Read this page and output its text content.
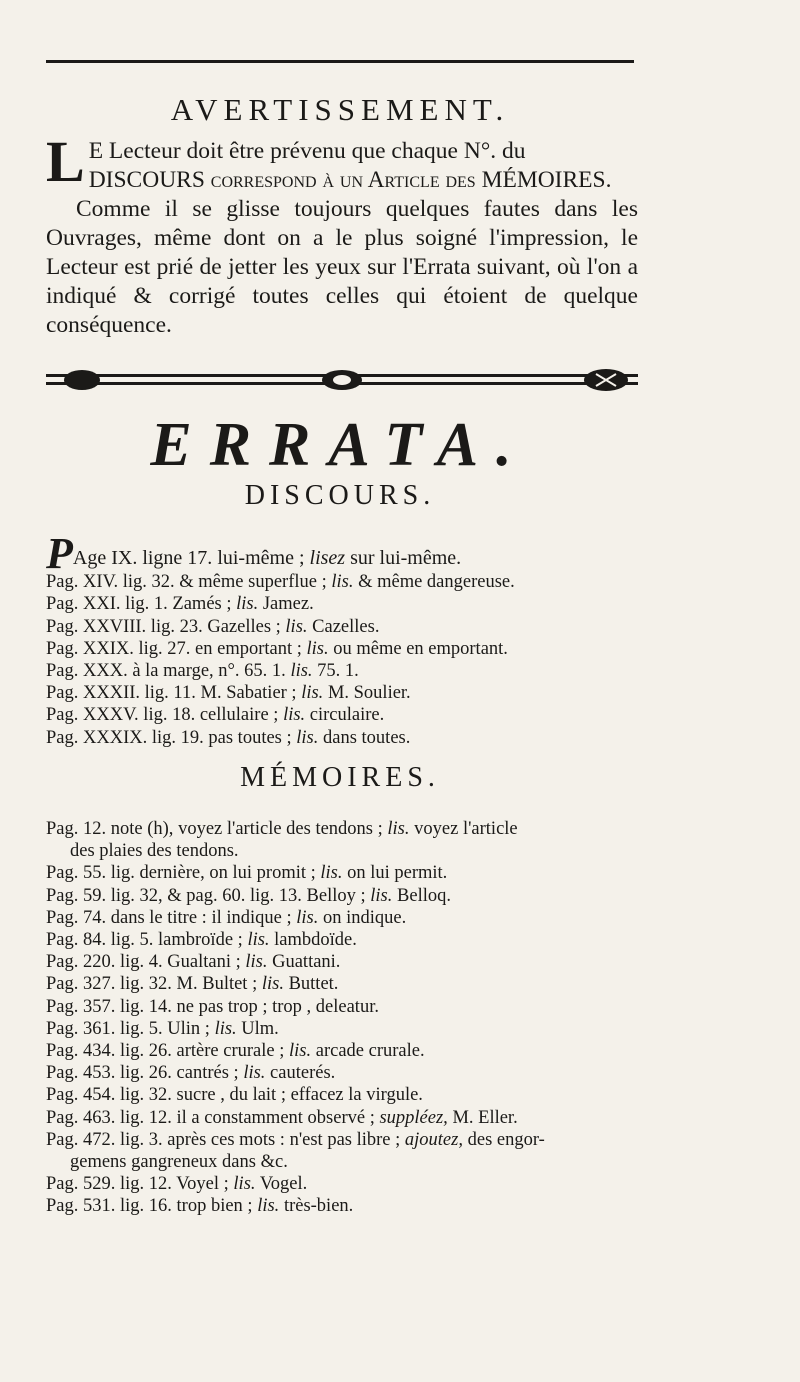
AVERTISSEMENT.

L E Lecteur doit être prévenu que chaque N°. du
DISCOURS correspond à un Article des MÉMOIRES.

Comme il se glisse toujours quelques fautes dans les Ouvrages, même dont on a le plus soigné l'impression, le Lecteur est prié de jetter les yeux sur l'Errata suivant, où l'on a indiqué & corrigé toutes celles qui étoient de quelque conséquence.

ERRATA.
DISCOURS.

PAge IX. ligne 17. lui-même ; lisez sur lui-même.

Pag. XIV. lig. 32. & même superflue ; lis. & même dangereuse.

Pag. XXI. lig. 1. Zamés ; lis. Jamez.

Pag. XXVIII. lig. 23. Gazelles ; lis. Cazelles.

Pag. XXIX. lig. 27. en emportant ; lis. ou même en emportant.

Pag. XXX. à la marge, n°. 65. 1. lis. 75. 1.

Pag. XXXII. lig. 11. M. Sabatier ; lis. M. Soulier.

Pag. XXXV. lig. 18. cellulaire ; lis. circulaire.

Pag. XXXIX. lig. 19. pas toutes ; lis. dans toutes.

MÉMOIRES.

Pag. 12. note (h), voyez l'article des tendons ; lis. voyez l'article

des plaies des tendons.

Pag. 55. lig. dernière, on lui promit ; lis. on lui permit.

Pag. 59. lig. 32, & pag. 60. lig. 13. Belloy ; lis. Belloq.

Pag. 74. dans le titre : il indique ; lis. on indique.

Pag. 84. lig. 5. lambroïde ; lis. lambdoïde.

Pag. 220. lig. 4. Gualtani ; lis. Guattani.

Pag. 327. lig. 32. M. Bultet ; lis. Buttet.

Pag. 357. lig. 14. ne pas trop ; trop , deleatur.

Pag. 361. lig. 5. Ulin ; lis. Ulm.

Pag. 434. lig. 26. artère crurale ; lis. arcade crurale.

Pag. 453. lig. 26. cantrés ; lis. cauterés.

Pag. 454. lig. 32. sucre , du lait ; effacez la virgule.

Pag. 463. lig. 12. il a constamment observé ; suppléez, M. Eller.

Pag. 472. lig. 3. après ces mots : n'est pas libre ; ajoutez, des engor-

gemens gangreneux dans &c.

Pag. 529. lig. 12. Voyel ; lis. Vogel.

Pag. 531. lig. 16. trop bien ; lis. très-bien.
